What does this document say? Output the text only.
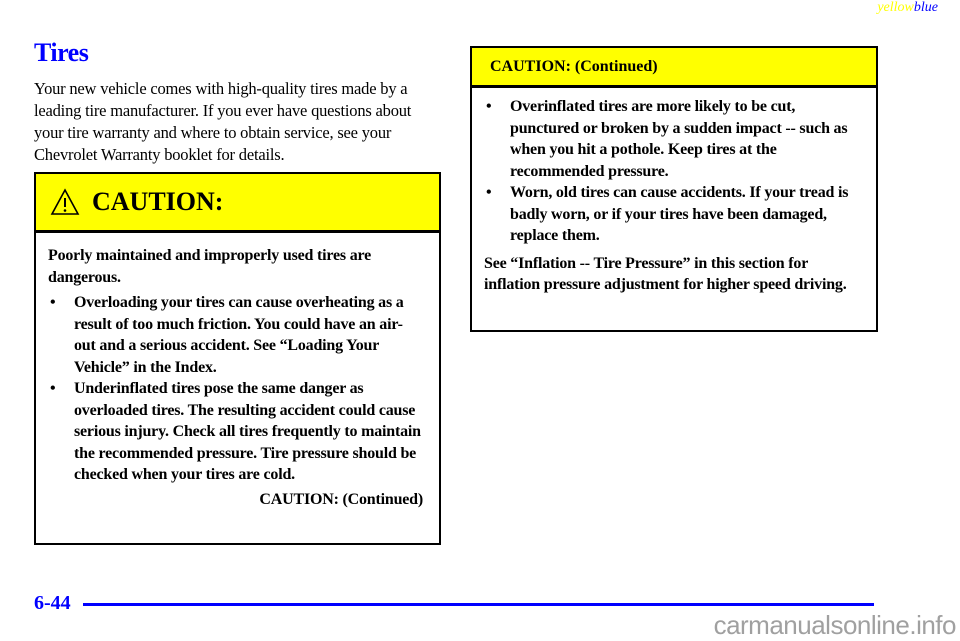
yellowblue
Tires

Your new vehicle comes with high-quality tires made by a leading tire manufacturer. If you ever have questions about your tire warranty and where to obtain service, see your Chevrolet Warranty booklet for details.

CAUTION:

Poorly maintained and improperly used tires are dangerous.

• Overloading your tires can cause overheating as a result of too much friction. You could have an air-out and a serious accident. See “Loading Your Vehicle” in the Index.
• Underinflated tires pose the same danger as overloaded tires. The resulting accident could cause serious injury. Check all tires frequently to maintain the recommended pressure. Tire pressure should be checked when your tires are cold.
CAUTION: (Continued)
CAUTION: (Continued)
• Overinflated tires are more likely to be cut, punctured or broken by a sudden impact -- such as when you hit a pothole. Keep tires at the recommended pressure.
• Worn, old tires can cause accidents. If your tread is badly worn, or if your tires have been damaged, replace them.

See “Inflation -- Tire Pressure” in this section for inflation pressure adjustment for higher speed driving.

6-44
carmanualsonline.info
